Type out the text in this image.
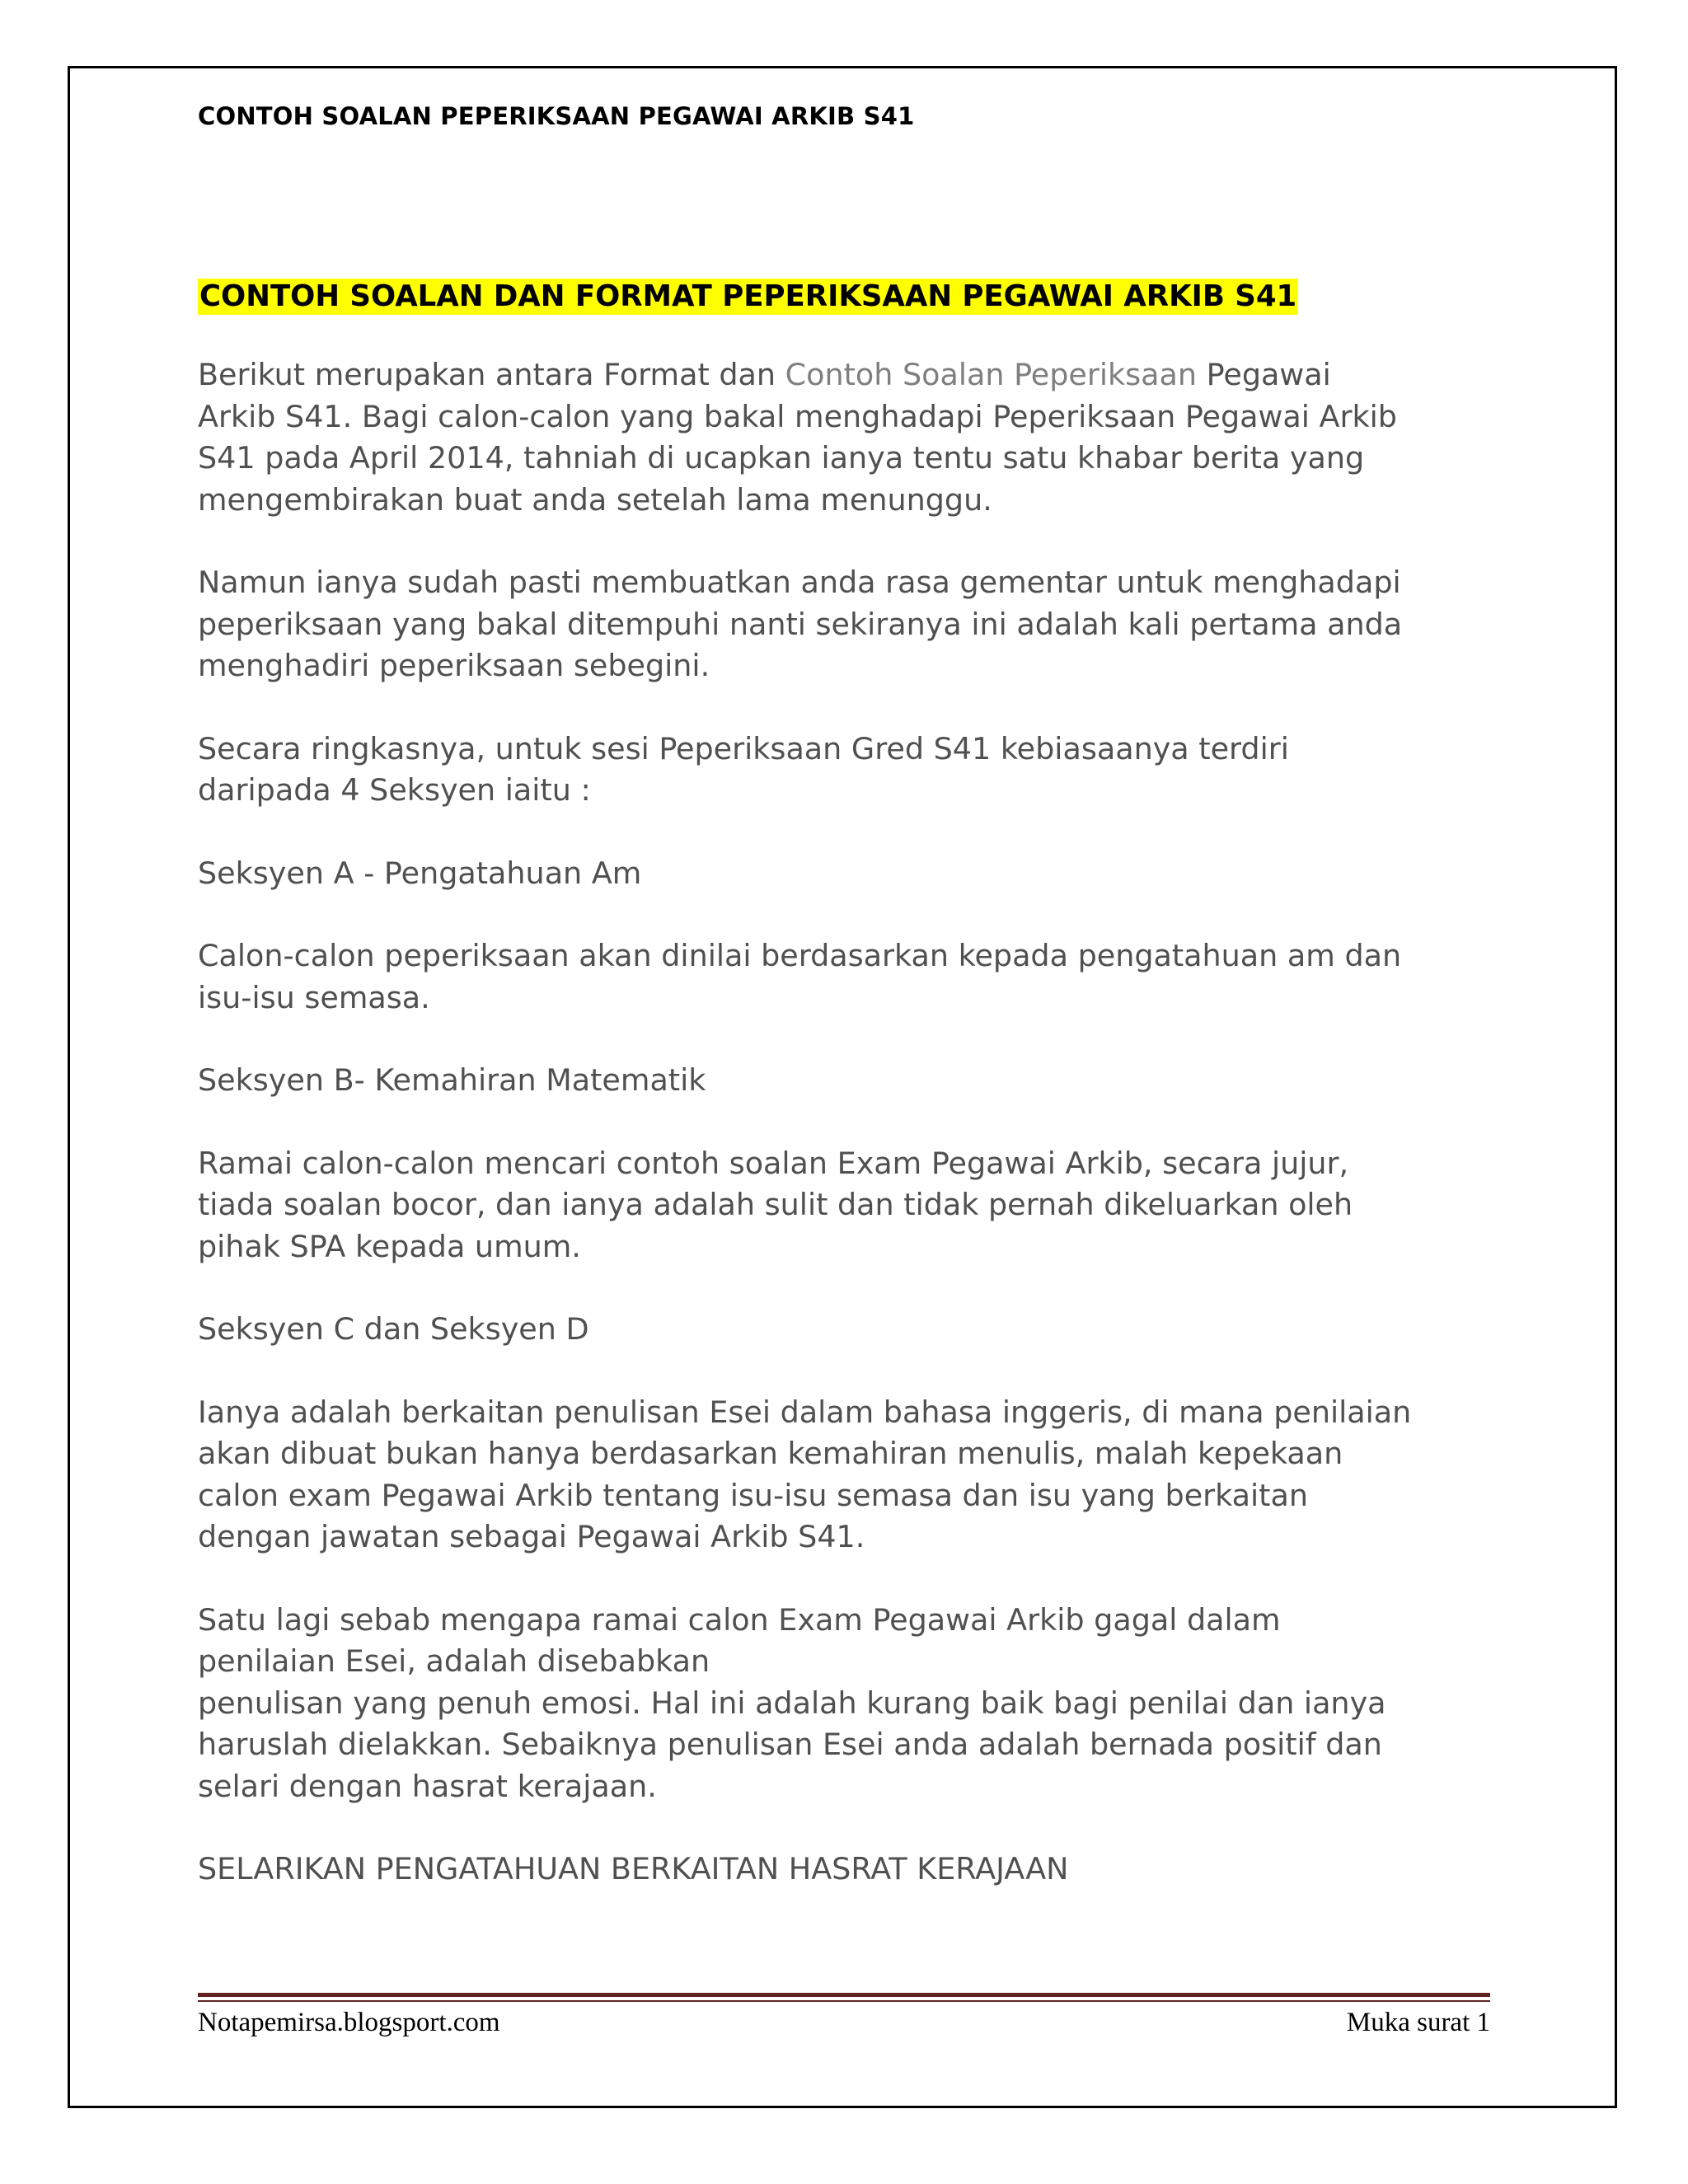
CONTOH SOALAN PEPERIKSAAN PEGAWAI ARKIB S41
CONTOH SOALAN DAN FORMAT PEPERIKSAAN PEGAWAI ARKIB S41

Berikut merupakan antara Format dan Contoh Soalan Peperiksaan Pegawai
Arkib S41. Bagi calon-calon yang bakal menghadapi Peperiksaan Pegawai Arkib
S41 pada April 2014, tahniah di ucapkan ianya tentu satu khabar berita yang
mengembirakan buat anda setelah lama menunggu.

Namun ianya sudah pasti membuatkan anda rasa gementar untuk menghadapi
peperiksaan yang bakal ditempuhi nanti sekiranya ini adalah kali pertama anda
menghadiri peperiksaan sebegini.

Secara ringkasnya, untuk sesi Peperiksaan Gred S41 kebiasaanya terdiri
daripada 4 Seksyen iaitu :

Seksyen A - Pengatahuan Am

Calon-calon peperiksaan akan dinilai berdasarkan kepada pengatahuan am dan
isu-isu semasa.

Seksyen B- Kemahiran Matematik

Ramai calon-calon mencari contoh soalan Exam Pegawai Arkib, secara jujur,
tiada soalan bocor, dan ianya adalah sulit dan tidak pernah dikeluarkan oleh
pihak SPA kepada umum.

Seksyen C dan Seksyen D

Ianya adalah berkaitan penulisan Esei dalam bahasa inggeris, di mana penilaian
akan dibuat bukan hanya berdasarkan kemahiran menulis, malah kepekaan
calon exam Pegawai Arkib tentang isu-isu semasa dan isu yang berkaitan
dengan jawatan sebagai Pegawai Arkib S41.

Satu lagi sebab mengapa ramai calon Exam Pegawai Arkib gagal dalam
penilaian Esei, adalah disebabkan
penulisan yang penuh emosi. Hal ini adalah kurang baik bagi penilai dan ianya
haruslah dielakkan. Sebaiknya penulisan Esei anda adalah bernada positif dan
selari dengan hasrat kerajaan.

SELARIKAN PENGATAHUAN BERKAITAN HASRAT KERAJAAN

Notapemirsa.blogsport.com	Muka surat 1
